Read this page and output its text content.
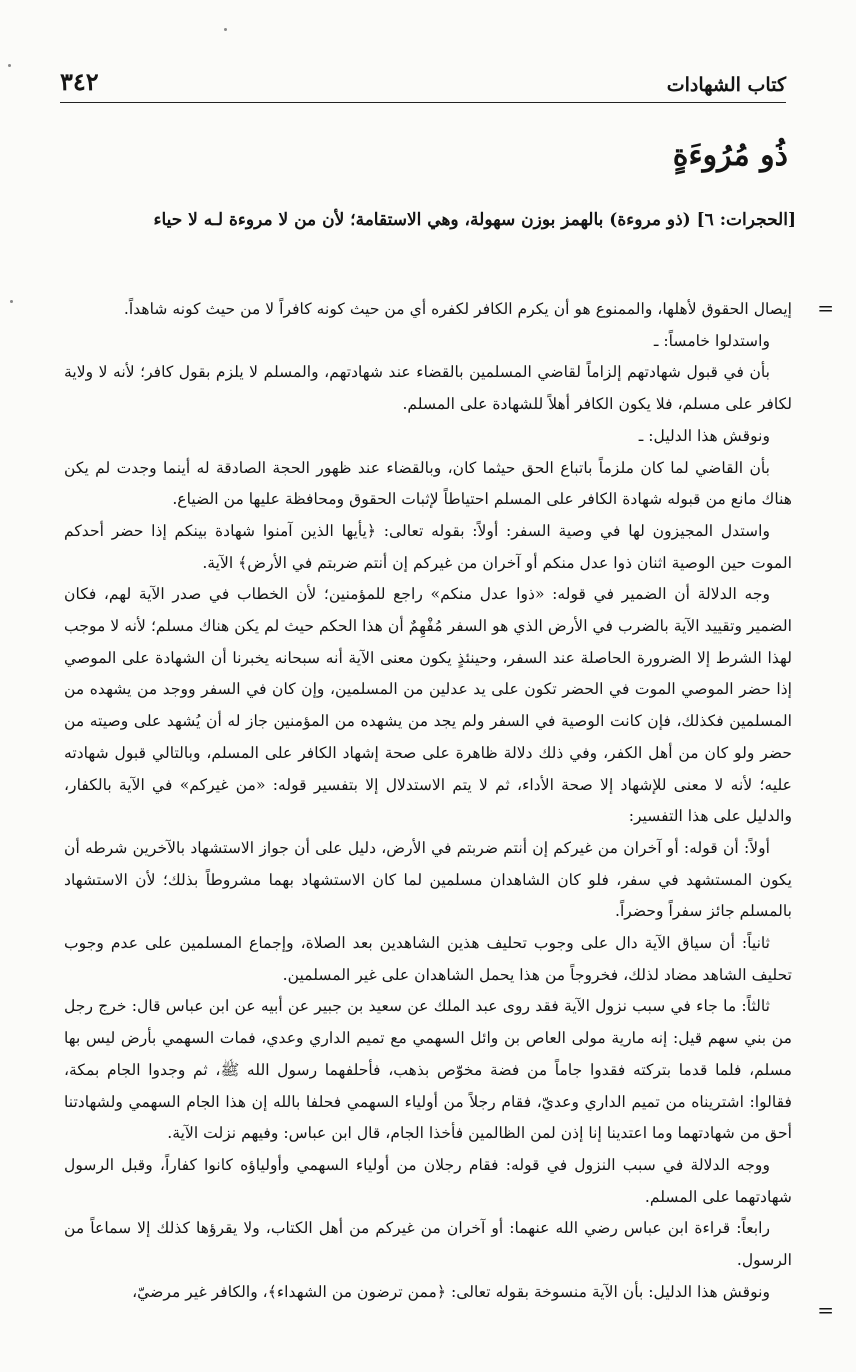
٣٤٢	كتاب الشهادات
ذُو مُرُوءَةٍ
[الحجرات: ٦] (ذو مروءة) بالهمز بوزن سهولة، وهي الاستقامة؛ لأن من لا مروءة لـه لا حياء
=

إيصال الحقوق لأهلها، والممنوع هو أن يكرم الكافر لكفره أي من حيث كونه كافراً لا من حيث كونه شاهداً.

واستدلوا خامساً: ـ

بأن في قبول شهادتهم إلزاماً لقاضي المسلمين بالقضاء عند شهادتهم، والمسلم لا يلزم بقول كافر؛ لأنه لا ولاية لكافر على مسلم، فلا يكون الكافر أهلاً للشهادة على المسلم.

ونوقش هذا الدليل: ـ

بأن القاضي لما كان ملزماً باتباع الحق حيثما كان، وبالقضاء عند ظهور الحجة الصادقة له أينما وجدت لم يكن هناك مانع من قبوله شهادة الكافر على المسلم احتياطاً لإثبات الحقوق ومحافظة عليها من الضياع.

واستدل المجيزون لها في وصية السفر: أولاً: بقوله تعالى: ﴿يأيها الذين آمنوا شهادة بينكم إذا حضر أحدكم الموت حين الوصية اثنان ذوا عدل منكم أو آخران من غيركم إن أنتم ضربتم في الأرض﴾ الآية.

وجه الدلالة أن الضمير في قوله: «ذوا عدل منكم» راجع للمؤمنين؛ لأن الخطاب في صدر الآية لهم، فكان الضمير وتقييد الآية بالضرب في الأرض الذي هو السفر مُفْهِمٌ أن هذا الحكم حيث لم يكن هناك مسلم؛ لأنه لا موجب لهذا الشرط إلا الضرورة الحاصلة عند السفر، وحينئذٍ يكون معنى الآية أنه سبحانه يخبرنا أن الشهادة على الموصي إذا حضر الموصي الموت في الحضر تكون على يد عدلين من المسلمين، وإن كان في السفر ووجد من يشهده من المسلمين فكذلك، فإن كانت الوصية في السفر ولم يجد من يشهده من المؤمنين جاز له أن يُشهد على وصيته من حضر ولو كان من أهل الكفر، وفي ذلك دلالة ظاهرة على صحة إشهاد الكافر على المسلم، وبالتالي قبول شهادته عليه؛ لأنه لا معنى للإشهاد إلا صحة الأداء، ثم لا يتم الاستدلال إلا بتفسير قوله: «من غيركم» في الآية بالكفار، والدليل على هذا التفسير:

أولاً: أن قوله: أو آخران من غيركم إن أنتم ضربتم في الأرض، دليل على أن جواز الاستشهاد بالآخرين شرطه أن يكون المستشهد في سفر، فلو كان الشاهدان مسلمين لما كان الاستشهاد بهما مشروطاً بذلك؛ لأن الاستشهاد بالمسلم جائز سفراً وحضراً.

ثانياً: أن سياق الآية دال على وجوب تحليف هذين الشاهدين بعد الصلاة، وإجماع المسلمين على عدم وجوب تحليف الشاهد مضاد لذلك، فخروجاً من هذا يحمل الشاهدان على غير المسلمين.

ثالثاً: ما جاء في سبب نزول الآية فقد روى عبد الملك عن سعيد بن جبير عن أبيه عن ابن عباس قال: خرج رجل من بني سهم قيل: إنه مارية مولى العاص بن وائل السهمي مع تميم الداري وعدي، فمات السهمي بأرض ليس بها مسلم، فلما قدما بتركته فقدوا جاماً من فضة مخوّص بذهب، فأحلفهما رسول الله ﷺ، ثم وجدوا الجام بمكة، فقالوا: اشتريناه من تميم الداري وعديّ، فقام رجلاً من أولياء السهمي فحلفا بالله إن هذا الجام السهمي ولشهادتنا أحق من شهادتهما وما اعتدينا إنا إذن لمن الظالمين فأخذا الجام، قال ابن عباس: وفيهم نزلت الآية.

ووجه الدلالة في سبب النزول في قوله: فقام رجلان من أولياء السهمي وأولياؤه كانوا كفاراً، وقبل الرسول شهادتهما على المسلم.

رابعاً: قراءة ابن عباس رضي الله عنهما: أو آخران من غيركم من أهل الكتاب، ولا يقرؤها كذلك إلا سماعاً من الرسول.

ونوقش هذا الدليل: بأن الآية منسوخة بقوله تعالى: ﴿ممن ترضون من الشهداء﴾، والكافر غير مرضيّ،

=
